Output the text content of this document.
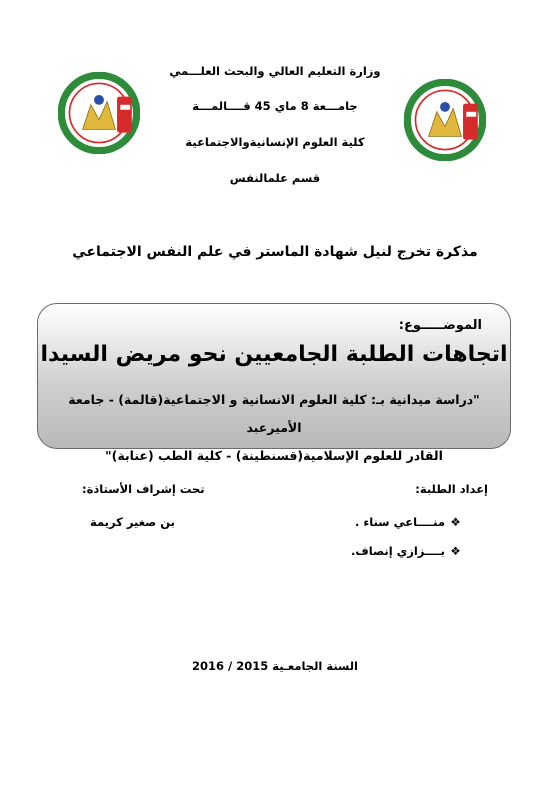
وزارة التعليم العالي والبحث العلـــمي
جامـــعة 8 ماي 45 قــــالمـــة
كلية العلوم الإنسانيةوالاجتماعية
قسم علمالنفس
مذكرة تخرج لنيل شهادة الماستر في علم النفس الاجتماعي
الموضـــــوع:
اتجاهات الطلبة الجامعيين نحو مريض السيدا
"دراسة ميدانية بـ: كلية العلوم الانسانية و الاجتماعية(قالمة) - جامعة الأميرعبد
القادر للعلوم الإسلامية(قسنطينة) - كلية الطب (عنابة)"
إعداد الطلبة:
❖ منــــاعي سناء .
❖ بــــزازي إنصاف.
تحت إشراف الأستاذة:
بن صغير كريمة
السنة الجامعـية 2015 / 2016
